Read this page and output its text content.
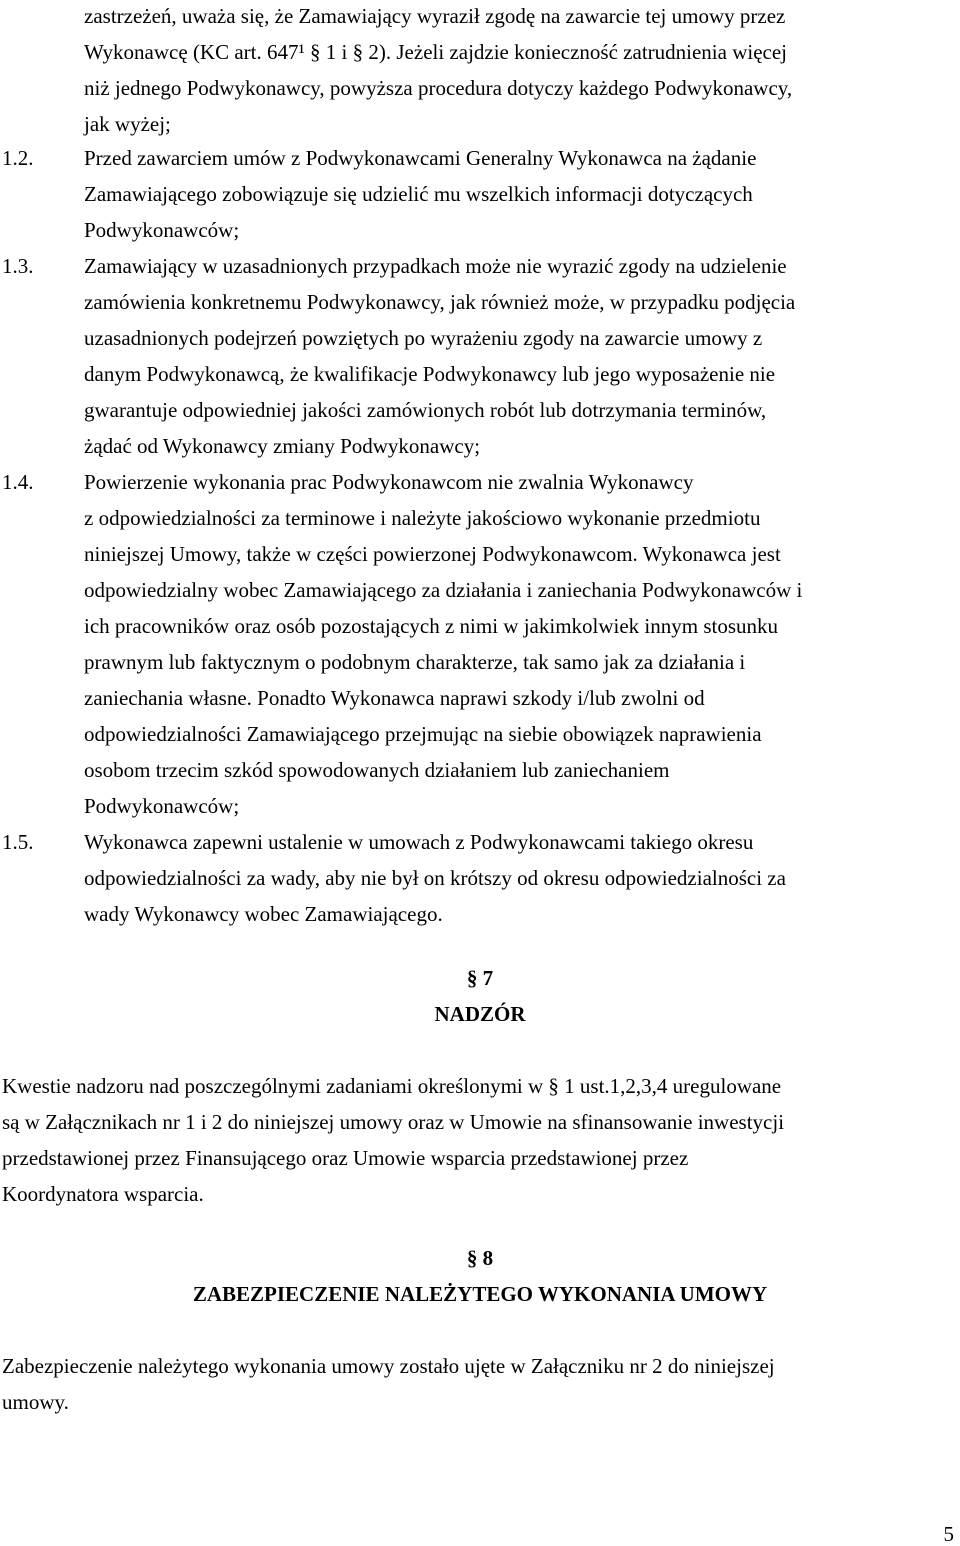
zastrzeżeń, uważa się, że Zamawiający wyraził zgodę na zawarcie tej umowy przez
Wykonawcę (KC art. 647¹ § 1 i § 2). Jeżeli zajdzie konieczność zatrudnienia więcej
niż jednego Podwykonawcy, powyższa procedura dotyczy każdego Podwykonawcy,
jak wyżej;
1.2. Przed zawarciem umów z Podwykonawcami Generalny Wykonawca na żądanie
Zamawiającego zobowiązuje się udzielić mu wszelkich informacji dotyczących
Podwykonawców;
1.3. Zamawiający w uzasadnionych przypadkach może nie wyrazić zgody na udzielenie
zamówienia konkretnemu Podwykonawcy, jak również może, w przypadku podjęcia
uzasadnionych podejrzeń powziętych po wyrażeniu zgody na zawarcie umowy z
danym Podwykonawcą, że kwalifikacje Podwykonawcy lub jego wyposażenie nie
gwarantuje odpowiedniej jakości zamówionych robót lub dotrzymania terminów,
żądać od Wykonawcy zmiany Podwykonawcy;
1.4. Powierzenie wykonania prac Podwykonawcom nie zwalnia Wykonawcy
z odpowiedzialności za terminowe i należyte jakościowo wykonanie przedmiotu
niniejszej Umowy, także w części powierzonej Podwykonawcom. Wykonawca jest
odpowiedzialny wobec Zamawiającego za działania i zaniechania Podwykonawców i
ich pracowników oraz osób pozostających z nimi w jakimkolwiek innym stosunku
prawnym lub faktycznym o podobnym charakterze, tak samo jak za działania i
zaniechania własne. Ponadto Wykonawca naprawi szkody i/lub zwolni od
odpowiedzialności Zamawiającego przejmując na siebie obowiązek naprawienia
osobom trzecim szkód spowodowanych działaniem lub zaniechaniem
Podwykonawców;
1.5. Wykonawca zapewni ustalenie w umowach z Podwykonawcami takiego okresu
odpowiedzialności za wady, aby nie był on krótszy od okresu odpowiedzialności za
wady Wykonawcy wobec Zamawiającego.
§ 7
NADZÓR
Kwestie nadzoru nad poszczególnymi zadaniami określonymi w § 1 ust.1,2,3,4 uregulowane
są w Załącznikach nr 1 i 2 do niniejszej umowy oraz w Umowie na sfinansowanie inwestycji
przedstawionej przez Finansującego oraz Umowie wsparcia przedstawionej przez
Koordynatora wsparcia.
§ 8
ZABEZPIECZENIE NALEŻYTEGO WYKONANIA UMOWY
Zabezpieczenie należytego wykonania umowy zostało ujęte w Załączniku nr 2 do niniejszej
umowy.
5
